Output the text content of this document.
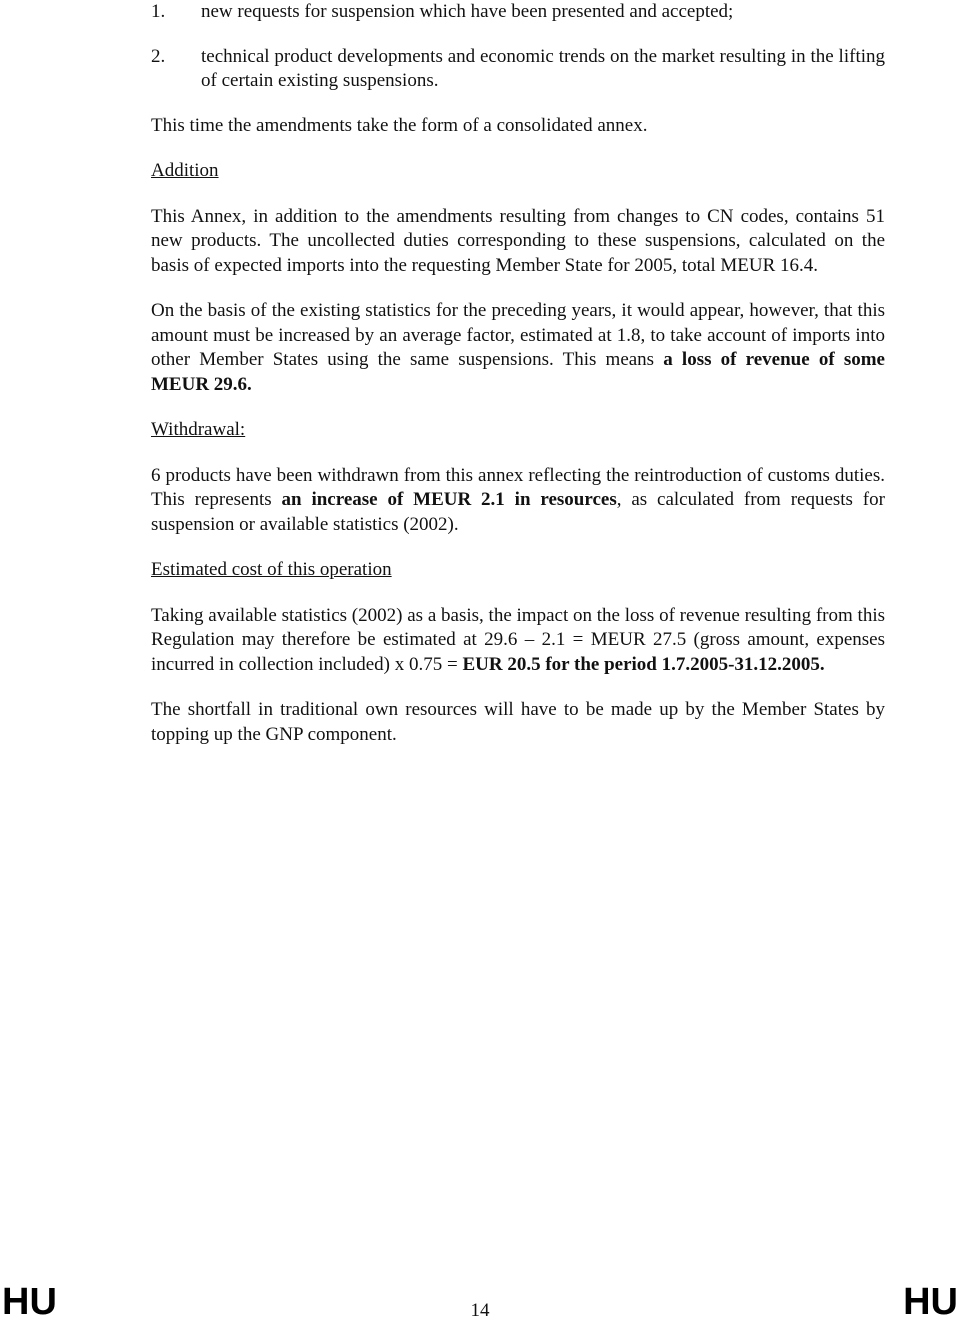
1. new requests for suspension which have been presented and accepted;
2. technical product developments and economic trends on the market resulting in the lifting of certain existing suspensions.

This time the amendments take the form of a consolidated annex.

Addition

This Annex, in addition to the amendments resulting from changes to CN codes, contains 51 new products. The uncollected duties corresponding to these suspensions, calculated on the basis of expected imports into the requesting Member State for 2005, total MEUR 16.4.

On the basis of the existing statistics for the preceding years, it would appear, however, that this amount must be increased by an average factor, estimated at 1.8, to take account of imports into other Member States using the same suspensions. This means a loss of revenue of some MEUR 29.6.

Withdrawal:

6 products have been withdrawn from this annex reflecting the reintroduction of customs duties. This represents an increase of MEUR 2.1 in resources, as calculated from requests for suspension or available statistics (2002).

Estimated cost of this operation

Taking available statistics (2002) as a basis, the impact on the loss of revenue resulting from this Regulation may therefore be estimated at 29.6 – 2.1 = MEUR 27.5 (gross amount, expenses incurred in collection included) x 0.75 = EUR 20.5 for the period 1.7.2005-31.12.2005.

The shortfall in traditional own resources will have to be made up by the Member States by topping up the GNP component.

HU	14	HU
